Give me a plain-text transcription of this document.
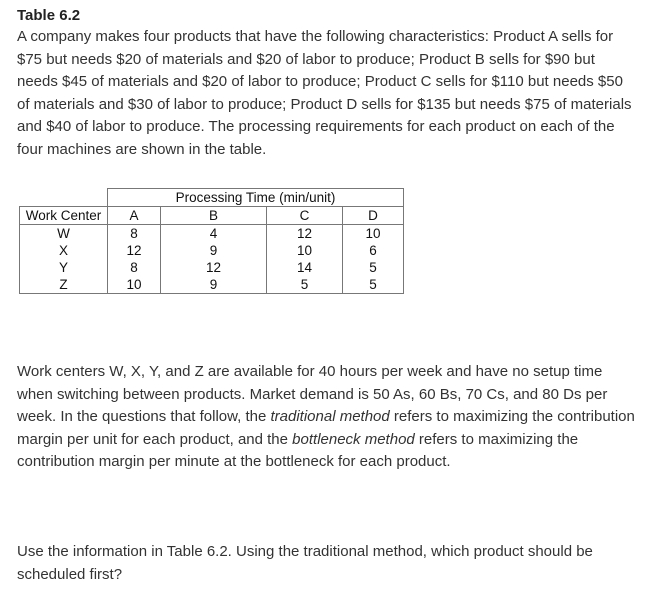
Table 6.2

A company makes four products that have the following characteristics: Product A sells for $75 but needs $20 of materials and $20 of labor to produce; Product B sells for $90 but needs $45 of materials and $20 of labor to produce; Product C sells for $110 but needs $50 of materials and $30 of labor to produce; Product D sells for $135 but needs $75 of materials and $40 of labor to produce. The processing requirements for each product on each of the four machines are shown in the table.

	Processing Time (min/unit)			
Work Center	A	B	C	D
W	8	4	12	10
X	12	9	10	6
Y	8	12	14	5
Z	10	9	5	5

Work centers W, X, Y, and Z are available for 40 hours per week and have no setup time when switching between products. Market demand is 50 As, 60 Bs, 70 Cs, and 80 Ds per week. In the questions that follow, the traditional method refers to maximizing the contribution margin per unit for each product, and the bottleneck method refers to maximizing the contribution margin per minute at the bottleneck for each product.

Use the information in Table 6.2. Using the traditional method, which product should be scheduled first?
